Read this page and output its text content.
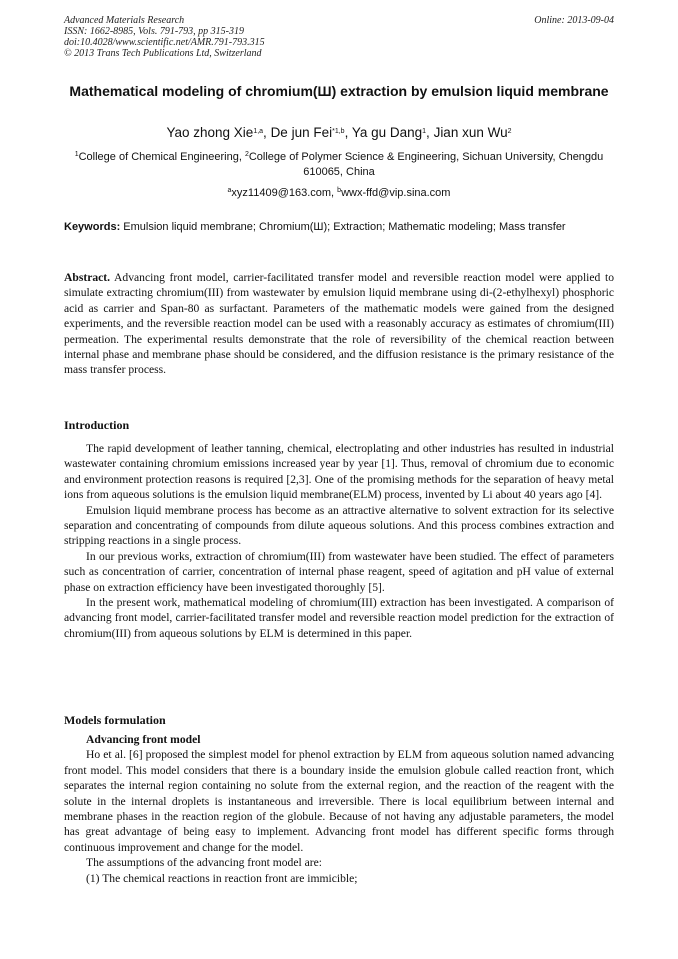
Advanced Materials Research
ISSN: 1662-8985, Vols. 791-793, pp 315-319
doi:10.4028/www.scientific.net/AMR.791-793.315
© 2013 Trans Tech Publications Ltd, Switzerland
Online: 2013-09-04
Mathematical modeling of chromium(Ш) extraction by emulsion liquid membrane
Yao zhong Xie$^{1,a}$, De jun Fei$^{*1,b}$, Ya gu Dang$^1$, Jian xun Wu$^2$
$^1$College of Chemical Engineering, $^2$College of Polymer Science & Engineering, Sichuan University, Chengdu 610065, China
$^a$xyz11409@163.com, $^b$wwx-ffd@vip.sina.com
Keywords: Emulsion liquid membrane; Chromium(Ш); Extraction; Mathematic modeling; Mass transfer
Abstract. Advancing front model, carrier-facilitated transfer model and reversible reaction model were applied to simulate extracting chromium(III) from wastewater by emulsion liquid membrane using di-(2-ethylhexyl) phosphoric acid as carrier and Span-80 as surfactant. Parameters of the mathematic models were gained from the designed experiments, and the reversible reaction model can be used with a reasonably accuracy as estimates of chromium(III) permeation. The experimental results demonstrate that the role of reversibility of the chemical reaction between internal phase and membrane phase should be considered, and the diffusion resistance is the primary resistance of the mass transfer process.
Introduction

The rapid development of leather tanning, chemical, electroplating and other industries has resulted in industrial wastewater containing chromium emissions increased year by year [1]. Thus, removal of chromium due to economic and environment protection reasons is required [2,3]. One of the promising methods for the separation of heavy metal ions from aqueous solutions is the emulsion liquid membrane(ELM) process, invented by Li about 40 years ago [4].

Emulsion liquid membrane process has become as an attractive alternative to solvent extraction for its selective separation and concentrating of compounds from dilute aqueous solutions. And this process combines extraction and stripping reactions in a single process.

In our previous works, extraction of chromium(III) from wastewater have been studied. The effect of parameters such as concentration of carrier, concentration of internal phase reagent, speed of agitation and pH value of external phase on extraction efficiency have been investigated thoroughly [5].

In the present work, mathematical modeling of chromium(III) extraction has been investigated. A comparison of advancing front model, carrier-facilitated transfer model and reversible reaction model prediction for the extraction of chromium(III) from aqueous solutions by ELM is determined in this paper.

Models formulation

Advancing front model

Ho et al. [6] proposed the simplest model for phenol extraction by ELM from aqueous solution named advancing front model. This model considers that there is a boundary inside the emulsion globule called reaction front, which separates the internal region containing no solute from the external region, and the reaction of the reagent with the solute in the internal droplets is instantaneous and irreversible. There is local equilibrium between internal and membrane phases in the reaction region of the globule. Because of not having any adjustable parameters, the model has great advantage of being easy to implement. Advancing front model has different specific forms through continuous improvement and change for the model.

The assumptions of the advancing front model are:

(1) The chemical reactions in reaction front are immicible;
